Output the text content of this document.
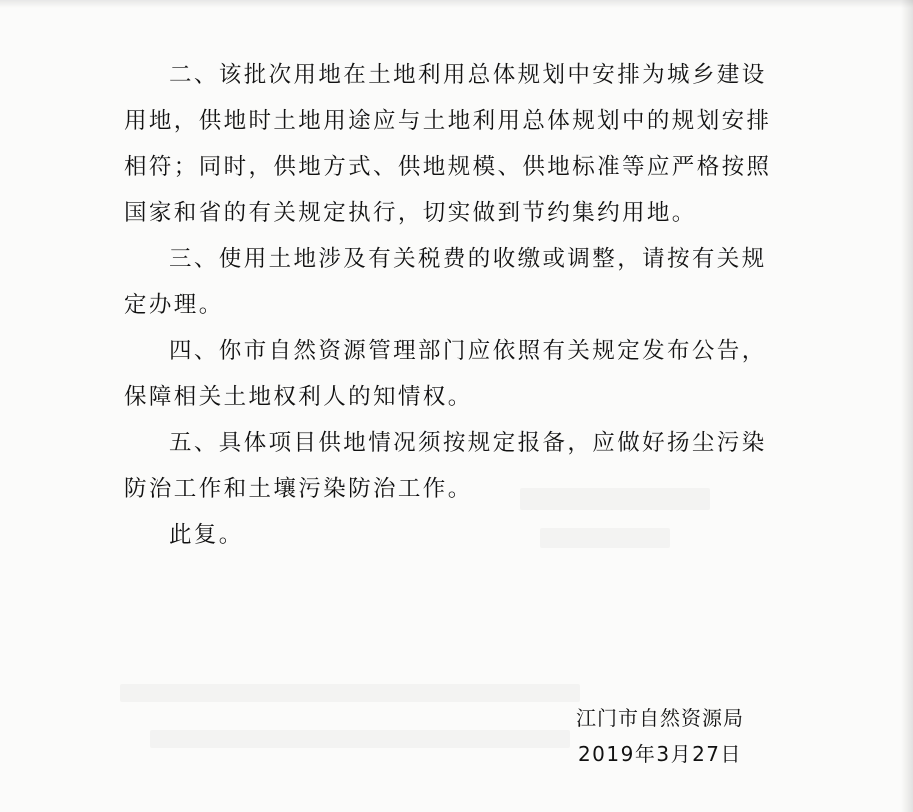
二、该批次用地在土地利用总体规划中安排为城乡建设用地，供地时土地用途应与土地利用总体规划中的规划安排相符；同时，供地方式、供地规模、供地标准等应严格按照国家和省的有关规定执行，切实做到节约集约用地。

三、使用土地涉及有关税费的收缴或调整，请按有关规定办理。

四、你市自然资源管理部门应依照有关规定发布公告，保障相关土地权利人的知情权。

五、具体项目供地情况须按规定报备，应做好扬尘污染防治工作和土壤污染防治工作。

此复。

江门市自然资源局
2019年3月27日
